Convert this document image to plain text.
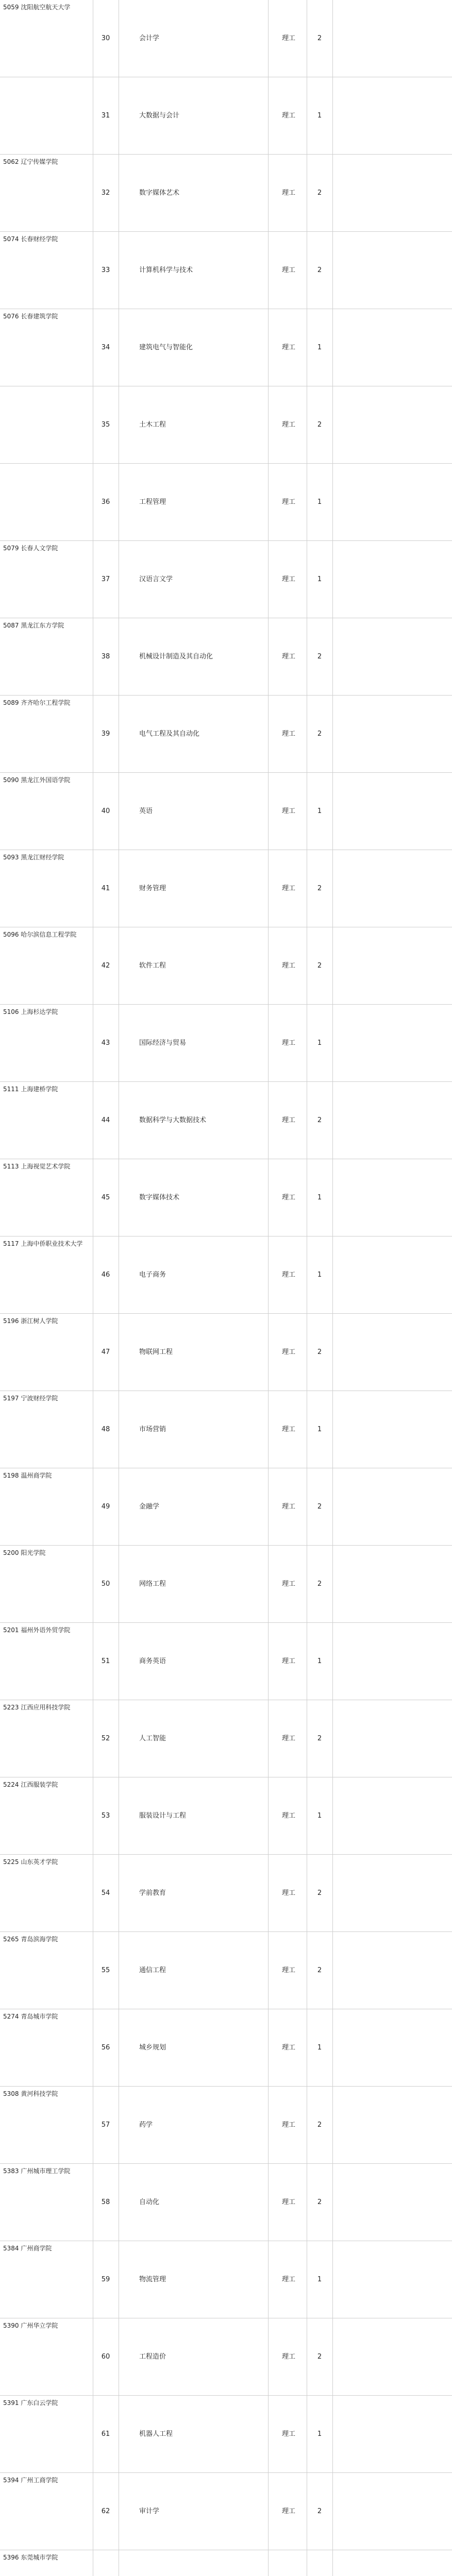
5059 沈阳航空航天大学
30	会计学	理工	2
31	大数据与会计	理工	1
5062 辽宁传媒学院
32	数字媒体艺术	理工	2
5074 长春财经学院
33	计算机科学与技术	理工	2
5076 长春建筑学院
34	建筑电气与智能化	理工	1
35	土木工程	理工	2
36	工程管理	理工	1
5079 长春人文学院
37	汉语言文学	理工	1
5087 黑龙江东方学院
38	机械设计制造及其自动化	理工	2
5089 齐齐哈尔工程学院
39	电气工程及其自动化	理工	2
5090 黑龙江外国语学院
40	英语	理工	1
5093 黑龙江财经学院
41	财务管理	理工	2
5096 哈尔滨信息工程学院
42	软件工程	理工	2
5106 上海杉达学院
43	国际经济与贸易	理工	1
5111 上海建桥学院
44	数据科学与大数据技术	理工	2
5113 上海视觉艺术学院
45	数字媒体技术	理工	1
5117 上海中侨职业技术大学
46	电子商务	理工	1
5196 浙江树人学院
47	物联网工程	理工	2
5197 宁波财经学院
48	市场营销	理工	1
5198 温州商学院
49	金融学	理工	2
5200 阳光学院
50	网络工程	理工	2
5201 福州外语外贸学院
51	商务英语	理工	1
5223 江西应用科技学院
52	人工智能	理工	2
5224 江西服装学院
53	服装设计与工程	理工	1
5225 山东英才学院
54	学前教育	理工	2
5265 青岛滨海学院
55	通信工程	理工	2
5274 青岛城市学院
56	城乡规划	理工	1
5308 黄河科技学院
57	药学	理工	2
5383 广州城市理工学院
58	自动化	理工	2
5384 广州商学院
59	物流管理	理工	1
5390 广州华立学院
60	工程造价	理工	2
5391 广东白云学院
61	机器人工程	理工	1
5394 广州工商学院
62	审计学	理工	2
5396 东莞城市学院
